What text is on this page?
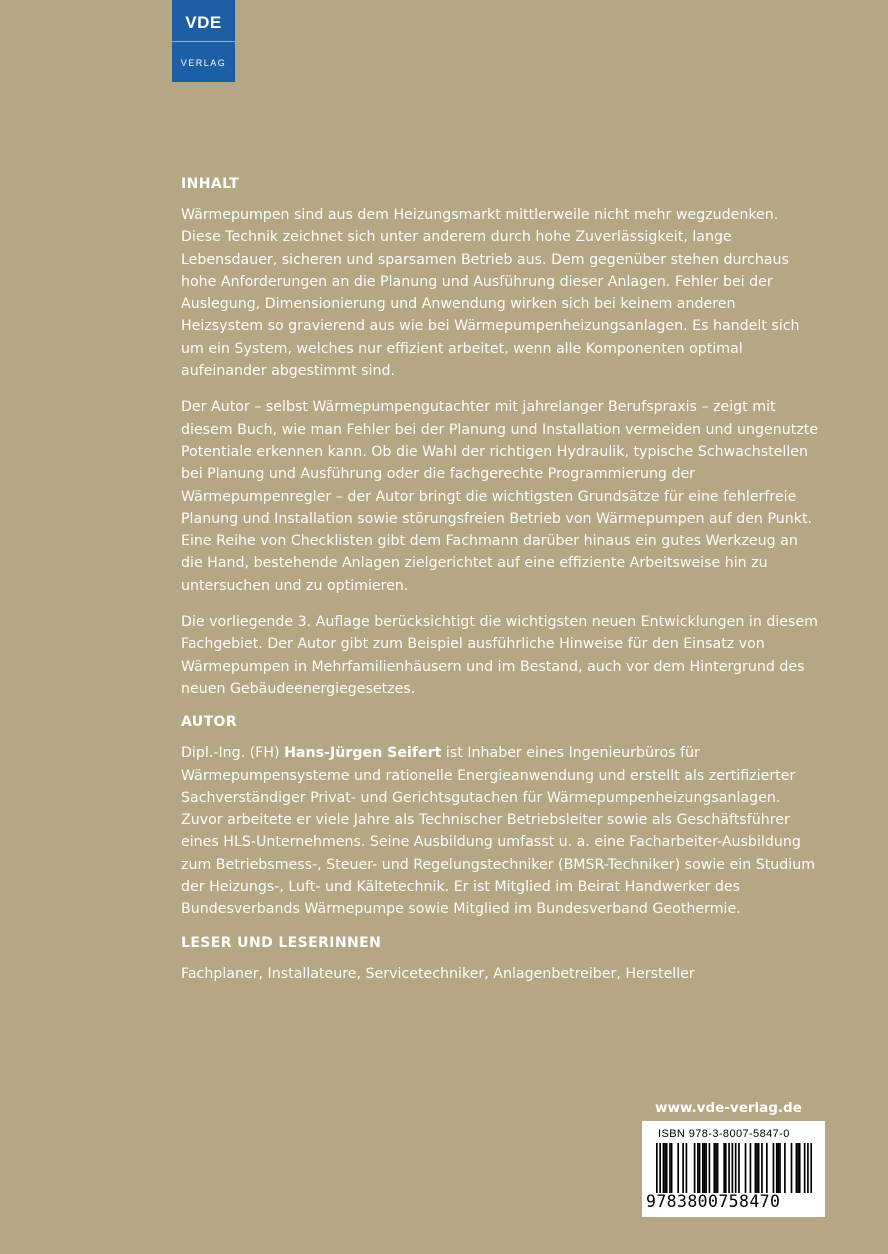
VDE
VERLAG
INHALT

Wärmepumpen sind aus dem Heizungsmarkt mittlerweile nicht mehr wegzudenken. Diese Technik zeichnet sich unter anderem durch hohe Zuverlässigkeit, lange Lebensdauer, sicheren und sparsamen Betrieb aus. Dem gegenüber stehen durchaus hohe Anforderungen an die Planung und Ausführung dieser Anlagen. Fehler bei der Auslegung, Dimensionierung und Anwendung wirken sich bei keinem anderen Heizsystem so gravierend aus wie bei Wärmepumpenheizungsanlagen. Es handelt sich um ein System, welches nur effizient arbeitet, wenn alle Komponenten optimal aufeinander abgestimmt sind.

Der Autor – selbst Wärmepumpengutachter mit jahrelanger Berufspraxis – zeigt mit diesem Buch, wie man Fehler bei der Planung und Installation vermeiden und ungenutzte Potentiale erkennen kann. Ob die Wahl der richtigen Hydraulik, typische Schwachstellen bei Planung und Ausführung oder die fachgerechte Programmierung der Wärmepumpenregler – der Autor bringt die wichtigsten Grundsätze für eine fehlerfreie Planung und Installation sowie störungsfreien Betrieb von Wärmepumpen auf den Punkt. Eine Reihe von Checklisten gibt dem Fachmann darüber hinaus ein gutes Werkzeug an die Hand, bestehende Anlagen zielgerichtet auf eine effiziente Arbeitsweise hin zu untersuchen und zu optimieren.

Die vorliegende 3. Auflage berücksichtigt die wichtigsten neuen Entwicklungen in diesem Fachgebiet. Der Autor gibt zum Beispiel ausführliche Hinweise für den Einsatz von Wärmepumpen in Mehrfamilienhäusern und im Bestand, auch vor dem Hintergrund des neuen Gebäudeenergiegesetzes.

AUTOR

Dipl.-Ing. (FH) Hans-Jürgen Seifert ist Inhaber eines Ingenieurbüros für Wärmepumpensysteme und rationelle Energieanwendung und erstellt als zertifizierter Sachverständiger Privat- und Gerichtsgutachen für Wärmepumpenheizungsanlagen. Zuvor arbeitete er viele Jahre als Technischer Betriebsleiter sowie als Geschäftsführer eines HLS-Unternehmens. Seine Ausbildung umfasst u. a. eine Facharbeiter-Ausbildung zum Betriebsmess-, Steuer- und Regelungstechniker (BMSR-Techniker) sowie ein Studium der Heizungs-, Luft- und Kältetechnik. Er ist Mitglied im Beirat Handwerker des Bundesverbands Wärmepumpe sowie Mitglied im Bundesverband Geothermie.

LESER UND LESERINNEN

Fachplaner, Installateure, Servicetechniker, Anlagenbetreiber, Hersteller

www.vde-verlag.de
ISBN 978-3-8007-5847-0
9783800758470
